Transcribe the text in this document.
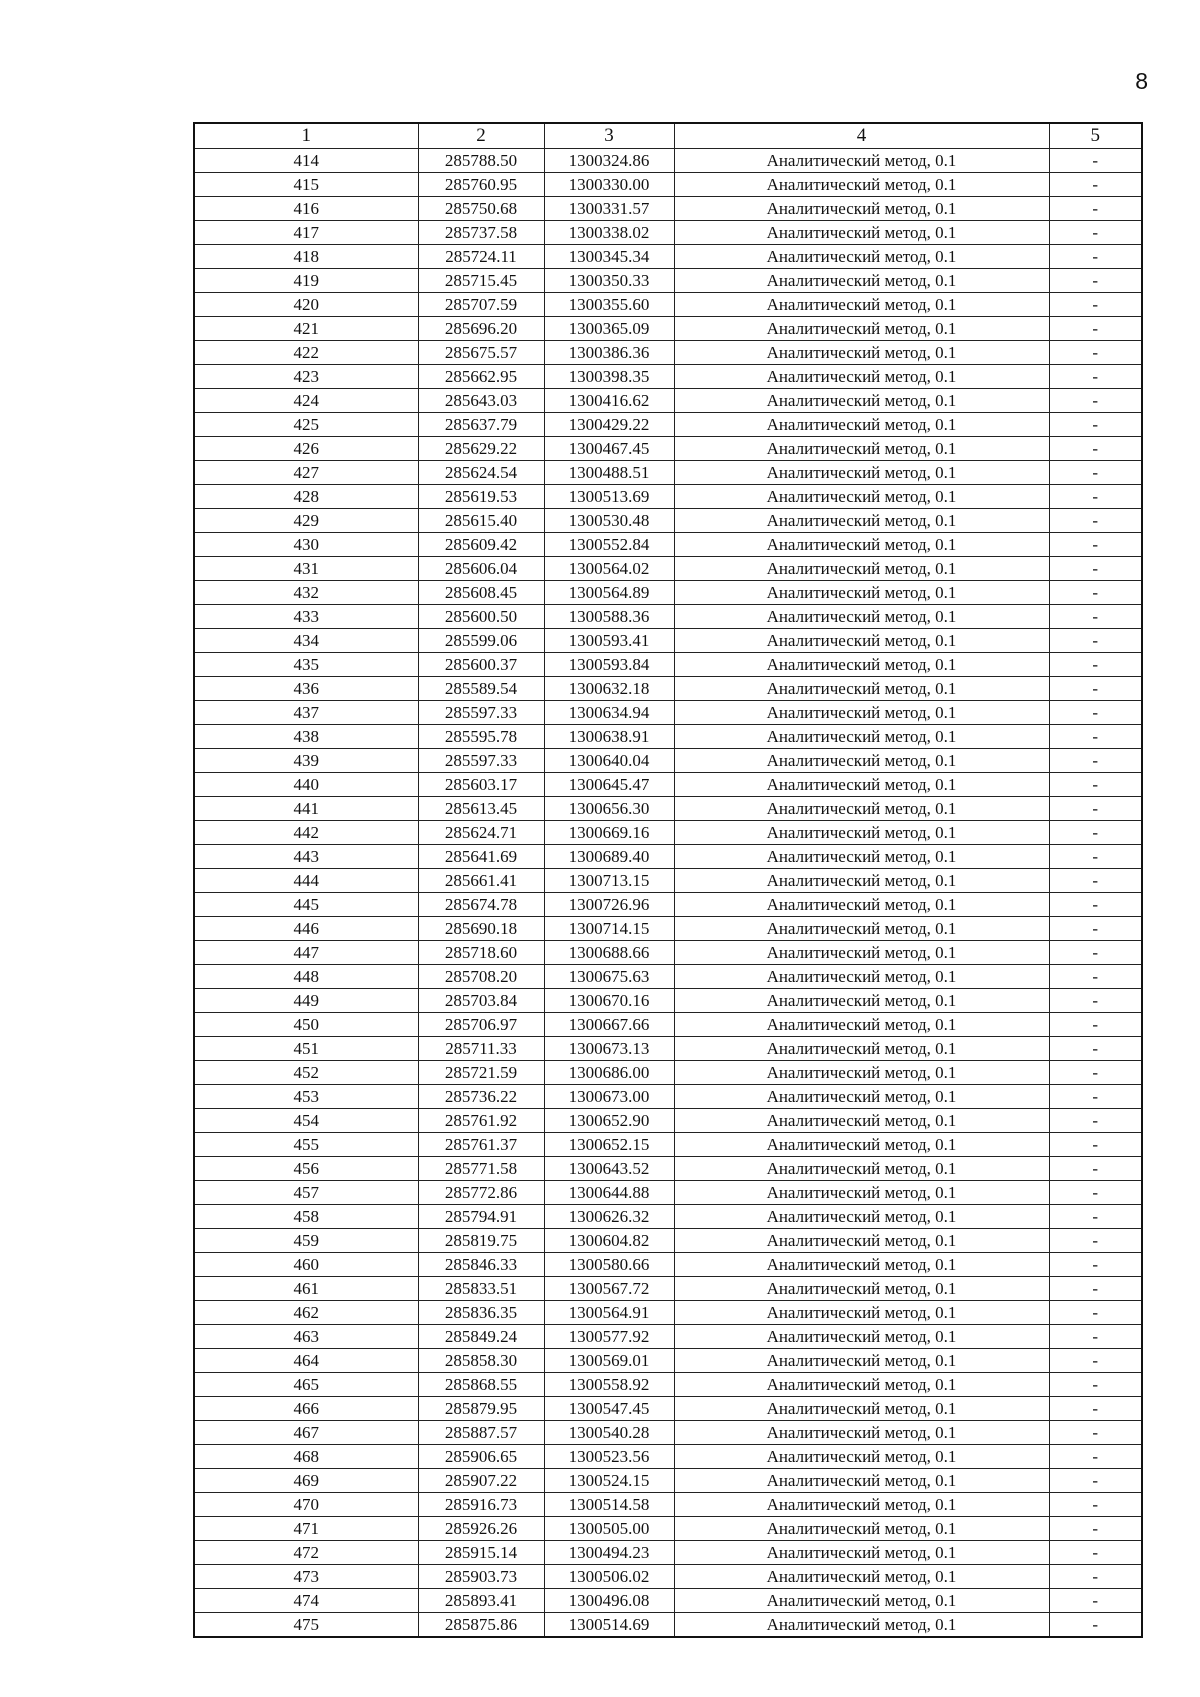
8
1	2	3	4	5
414	285788.50	1300324.86	Аналитический метод, 0.1	-
415	285760.95	1300330.00	Аналитический метод, 0.1	-
416	285750.68	1300331.57	Аналитический метод, 0.1	-
417	285737.58	1300338.02	Аналитический метод, 0.1	-
418	285724.11	1300345.34	Аналитический метод, 0.1	-
419	285715.45	1300350.33	Аналитический метод, 0.1	-
420	285707.59	1300355.60	Аналитический метод, 0.1	-
421	285696.20	1300365.09	Аналитический метод, 0.1	-
422	285675.57	1300386.36	Аналитический метод, 0.1	-
423	285662.95	1300398.35	Аналитический метод, 0.1	-
424	285643.03	1300416.62	Аналитический метод, 0.1	-
425	285637.79	1300429.22	Аналитический метод, 0.1	-
426	285629.22	1300467.45	Аналитический метод, 0.1	-
427	285624.54	1300488.51	Аналитический метод, 0.1	-
428	285619.53	1300513.69	Аналитический метод, 0.1	-
429	285615.40	1300530.48	Аналитический метод, 0.1	-
430	285609.42	1300552.84	Аналитический метод, 0.1	-
431	285606.04	1300564.02	Аналитический метод, 0.1	-
432	285608.45	1300564.89	Аналитический метод, 0.1	-
433	285600.50	1300588.36	Аналитический метод, 0.1	-
434	285599.06	1300593.41	Аналитический метод, 0.1	-
435	285600.37	1300593.84	Аналитический метод, 0.1	-
436	285589.54	1300632.18	Аналитический метод, 0.1	-
437	285597.33	1300634.94	Аналитический метод, 0.1	-
438	285595.78	1300638.91	Аналитический метод, 0.1	-
439	285597.33	1300640.04	Аналитический метод, 0.1	-
440	285603.17	1300645.47	Аналитический метод, 0.1	-
441	285613.45	1300656.30	Аналитический метод, 0.1	-
442	285624.71	1300669.16	Аналитический метод, 0.1	-
443	285641.69	1300689.40	Аналитический метод, 0.1	-
444	285661.41	1300713.15	Аналитический метод, 0.1	-
445	285674.78	1300726.96	Аналитический метод, 0.1	-
446	285690.18	1300714.15	Аналитический метод, 0.1	-
447	285718.60	1300688.66	Аналитический метод, 0.1	-
448	285708.20	1300675.63	Аналитический метод, 0.1	-
449	285703.84	1300670.16	Аналитический метод, 0.1	-
450	285706.97	1300667.66	Аналитический метод, 0.1	-
451	285711.33	1300673.13	Аналитический метод, 0.1	-
452	285721.59	1300686.00	Аналитический метод, 0.1	-
453	285736.22	1300673.00	Аналитический метод, 0.1	-
454	285761.92	1300652.90	Аналитический метод, 0.1	-
455	285761.37	1300652.15	Аналитический метод, 0.1	-
456	285771.58	1300643.52	Аналитический метод, 0.1	-
457	285772.86	1300644.88	Аналитический метод, 0.1	-
458	285794.91	1300626.32	Аналитический метод, 0.1	-
459	285819.75	1300604.82	Аналитический метод, 0.1	-
460	285846.33	1300580.66	Аналитический метод, 0.1	-
461	285833.51	1300567.72	Аналитический метод, 0.1	-
462	285836.35	1300564.91	Аналитический метод, 0.1	-
463	285849.24	1300577.92	Аналитический метод, 0.1	-
464	285858.30	1300569.01	Аналитический метод, 0.1	-
465	285868.55	1300558.92	Аналитический метод, 0.1	-
466	285879.95	1300547.45	Аналитический метод, 0.1	-
467	285887.57	1300540.28	Аналитический метод, 0.1	-
468	285906.65	1300523.56	Аналитический метод, 0.1	-
469	285907.22	1300524.15	Аналитический метод, 0.1	-
470	285916.73	1300514.58	Аналитический метод, 0.1	-
471	285926.26	1300505.00	Аналитический метод, 0.1	-
472	285915.14	1300494.23	Аналитический метод, 0.1	-
473	285903.73	1300506.02	Аналитический метод, 0.1	-
474	285893.41	1300496.08	Аналитический метод, 0.1	-
475	285875.86	1300514.69	Аналитический метод, 0.1	-
